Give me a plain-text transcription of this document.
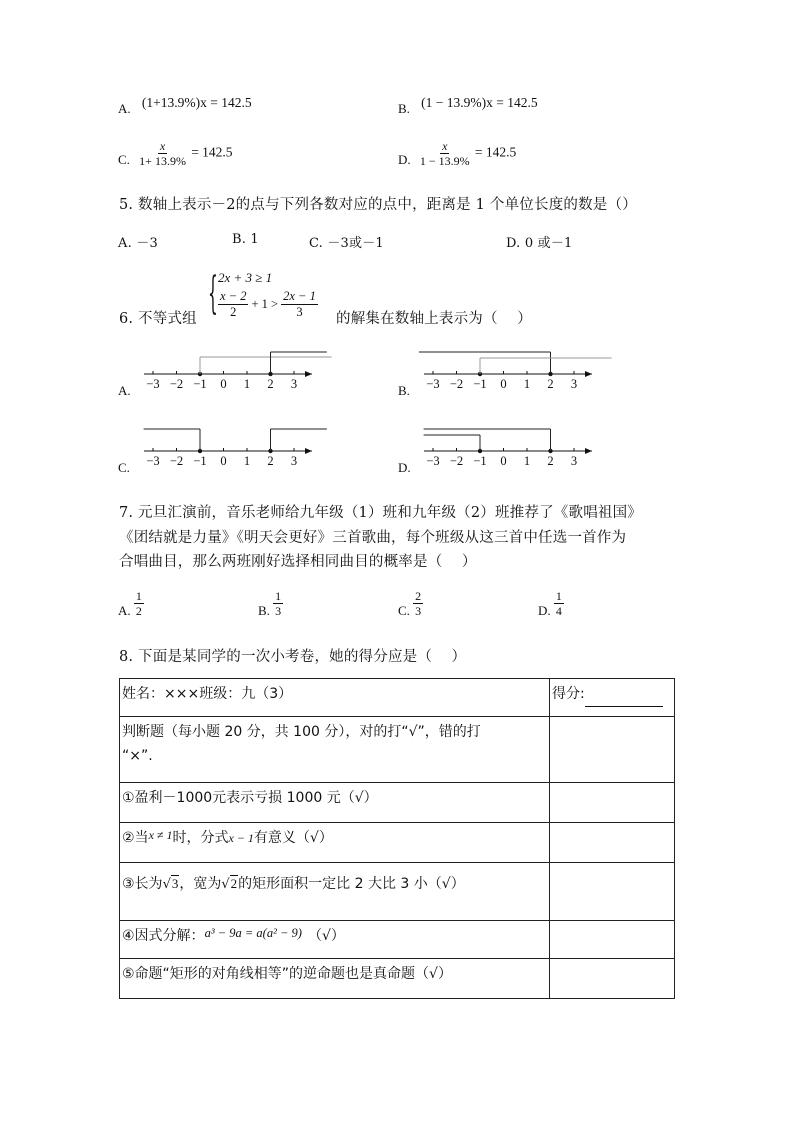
A. (1+13.9%)x = 142.5	B. (1 − 13.9%)x = 142.5
C. $\frac{x}{1+ 13.9\%} = 142.5$
D. $\frac{x}{1 - 13.9\%} = 142.5$
5. 数轴上表示－2的点与下列各数对应的点中，距离是 1 个单位长度的数是（）
A. －3	B. 1	C. －3或－1	D. 0 或－1
6. 不等式组 { 2x + 3 ≥ 1
$\frac{x - 2}{2} + 1 > \frac{2x - 1}{3}$
的解集在数轴上表示为（　 ）
A.	B.
C.	D.
−3 −2 −1 0 1 2 3	−3 −2 −1 0 1 2 3
−3 −2 −1 0 1 2 3	−3 −2 −1 0 1 2 3
7. 元旦汇演前，音乐老师给九年级（1）班和九年级（2）班推荐了《歌唱祖国》
《团结就是力量》《明天会更好》三首歌曲，每个班级从这三首中任选一首作为
合唱曲目，那么两班刚好选择相同曲目的概率是（　 ）
A. $\frac{1}{2}$	B. $\frac{1}{3}$	C. $\frac{2}{3}$	D. $\frac{1}{4}$
8. 下面是某同学的一次小考卷，她的得分应是（　 ）
姓名：×××班级：九（3）	得分:

判断题（每小题 20 分，共 100 分），对的打“√”，错的打
“×”.	

①盈利－1000元表示亏损 1000 元（√）	
②当x ≠ 1时，分式x − 1有意义（√）	
③长为√3，宽为√2的矩形面积一定比 2 大比 3 小（√）	
④因式分解：a³ − 9a = a(a² − 9) （√）	
⑤命题“矩形的对角线相等”的逆命题也是真命题（√）	
